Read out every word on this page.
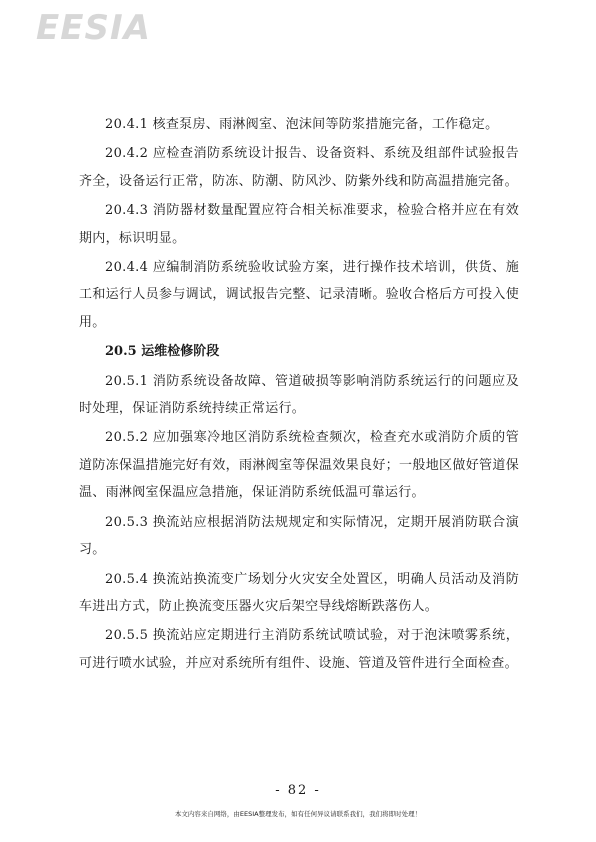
EESIA

20.4.1 核查泵房、雨淋阀室、泡沫间等防浆措施完备，工作稳定。

20.4.2 应检查消防系统设计报告、设备资料、系统及组部件试验报告齐全，设备运行正常，防冻、防潮、防风沙、防紫外线和防高温措施完备。

20.4.3 消防器材数量配置应符合相关标准要求，检验合格并应在有效期内，标识明显。

20.4.4 应编制消防系统验收试验方案，进行操作技术培训，供货、施工和运行人员参与调试，调试报告完整、记录清晰。验收合格后方可投入使用。

20.5 运维检修阶段

20.5.1 消防系统设备故障、管道破损等影响消防系统运行的问题应及时处理，保证消防系统持续正常运行。

20.5.2 应加强寒冷地区消防系统检查频次，检查充水或消防介质的管道防冻保温措施完好有效，雨淋阀室等保温效果良好；一般地区做好管道保温、雨淋阀室保温应急措施，保证消防系统低温可靠运行。

20.5.3 换流站应根据消防法规规定和实际情况，定期开展消防联合演习。

20.5.4 换流站换流变广场划分火灾安全处置区，明确人员活动及消防车进出方式，防止换流变压器火灾后架空导线熔断跌落伤人。

20.5.5 换流站应定期进行主消防系统试喷试验，对于泡沫喷雾系统，可进行喷水试验，并应对系统所有组件、设施、管道及管件进行全面检查。

- 82 -
本文内容来自网络，由EESIA整理发布，如有任何异议请联系我们，我们将即时处理！
